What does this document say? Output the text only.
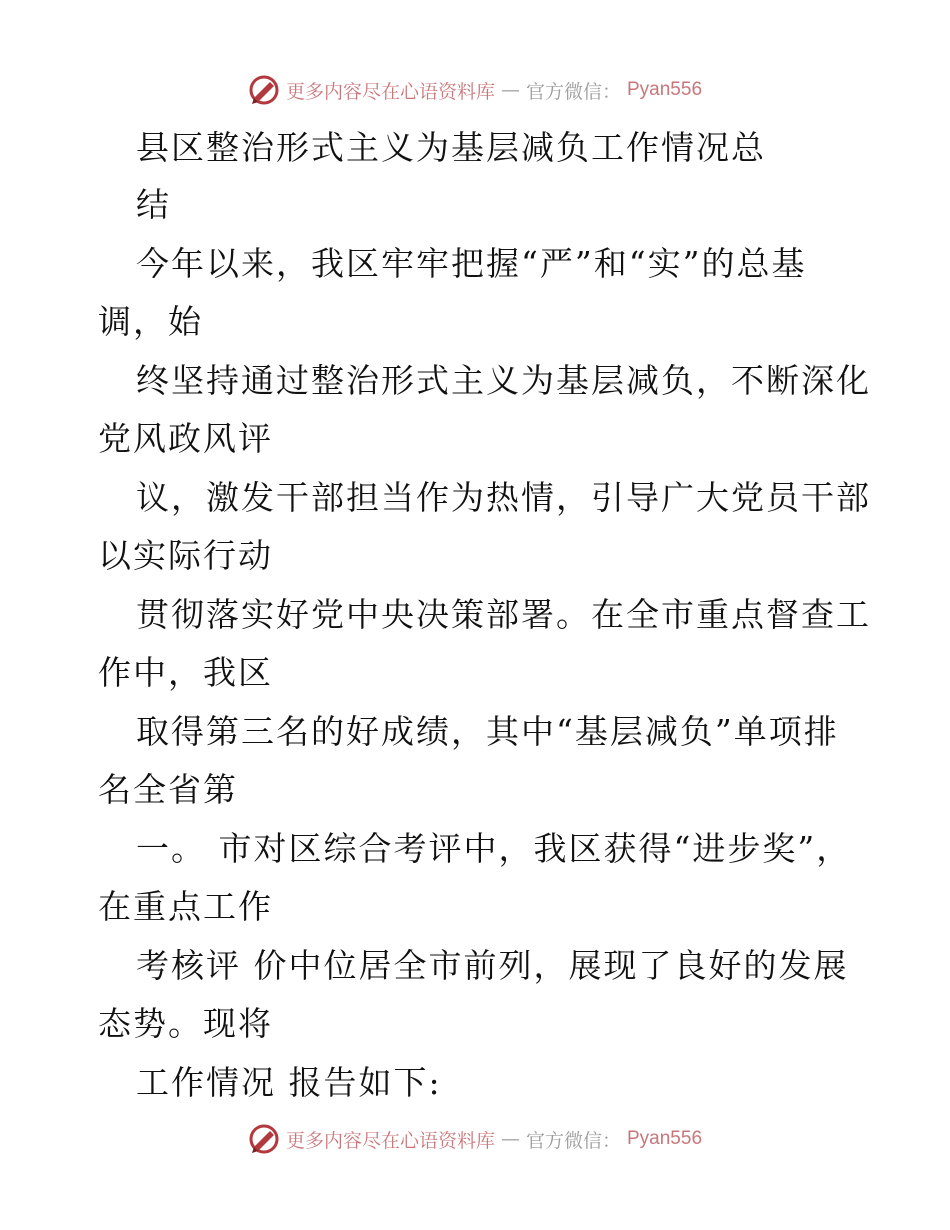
更多内容尽在心语资料库 — 官方微信： Pyan556
县区整治形式主义为基层减负工作情况总
结
今年以来，我区牢牢把握“严”和“实”的总基
调，始
终坚持通过整治形式主义为基层减负，不断深化
党风政风评
议，激发干部担当作为热情，引导广大党员干部
以实际行动
贯彻落实好党中央决策部署。在全市重点督查工
作中，我区
取得第三名的好成绩，其中“基层减负”单项排
名全省第
一。 市对区综合考评中，我区获得“进步奖”，
在重点工作
考核评 价中位居全市前列，展现了良好的发展
态势。现将
工作情况 报告如下:
更多内容尽在心语资料库 — 官方微信： Pyan556
